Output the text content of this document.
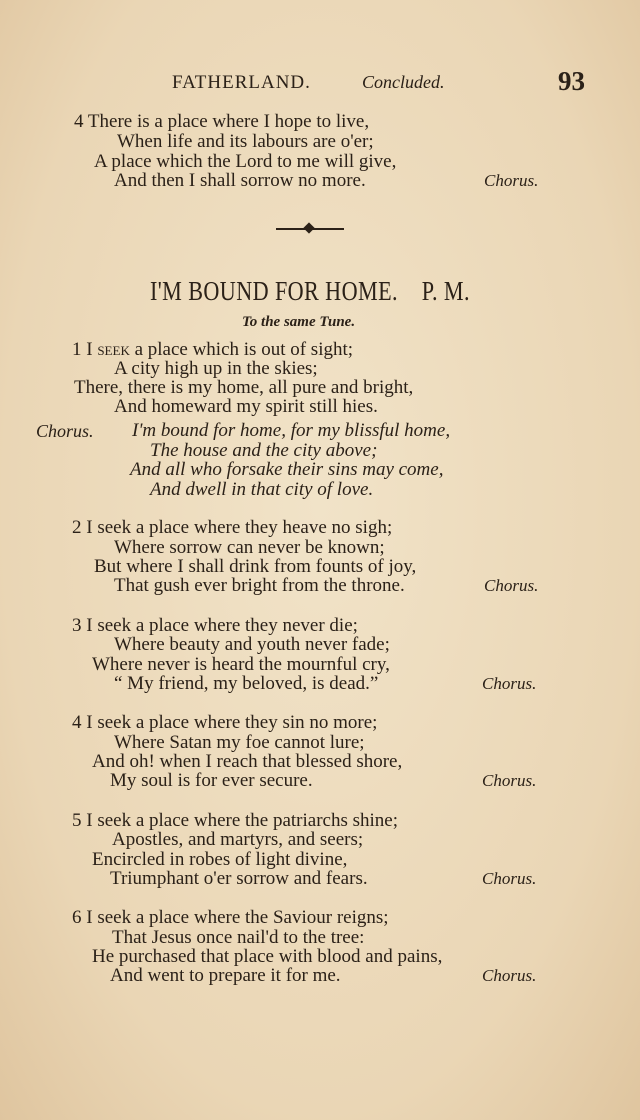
FATHERLAND.	Concluded.	93
4 There is a place where I hope to live,
When life and its labours are o'er;
A place which the Lord to me will give,
And then I shall sorrow no more.	Chorus.
I'M BOUND FOR HOME. P. M.
To the same Tune.
1 I seek a place which is out of sight;
A city high up in the skies;
There, there is my home, all pure and bright,
And homeward my spirit still hies.
Chorus. I'm bound for home, for my blissful home,
The house and the city above;
And all who forsake their sins may come,
And dwell in that city of love.
2 I seek a place where they heave no sigh;
Where sorrow can never be known;
But where I shall drink from founts of joy,
That gush ever bright from the throne.	Chorus.
3 I seek a place where they never die;
Where beauty and youth never fade;
Where never is heard the mournful cry,
“ My friend, my beloved, is dead.”	Chorus.
4 I seek a place where they sin no more;
Where Satan my foe cannot lure;
And oh! when I reach that blessed shore,
My soul is for ever secure.	Chorus.
5 I seek a place where the patriarchs shine;
Apostles, and martyrs, and seers;
Encircled in robes of light divine,
Triumphant o'er sorrow and fears.	Chorus.
6 I seek a place where the Saviour reigns;
That Jesus once nail'd to the tree:
He purchased that place with blood and pains,
And went to prepare it for me.	Chorus.
